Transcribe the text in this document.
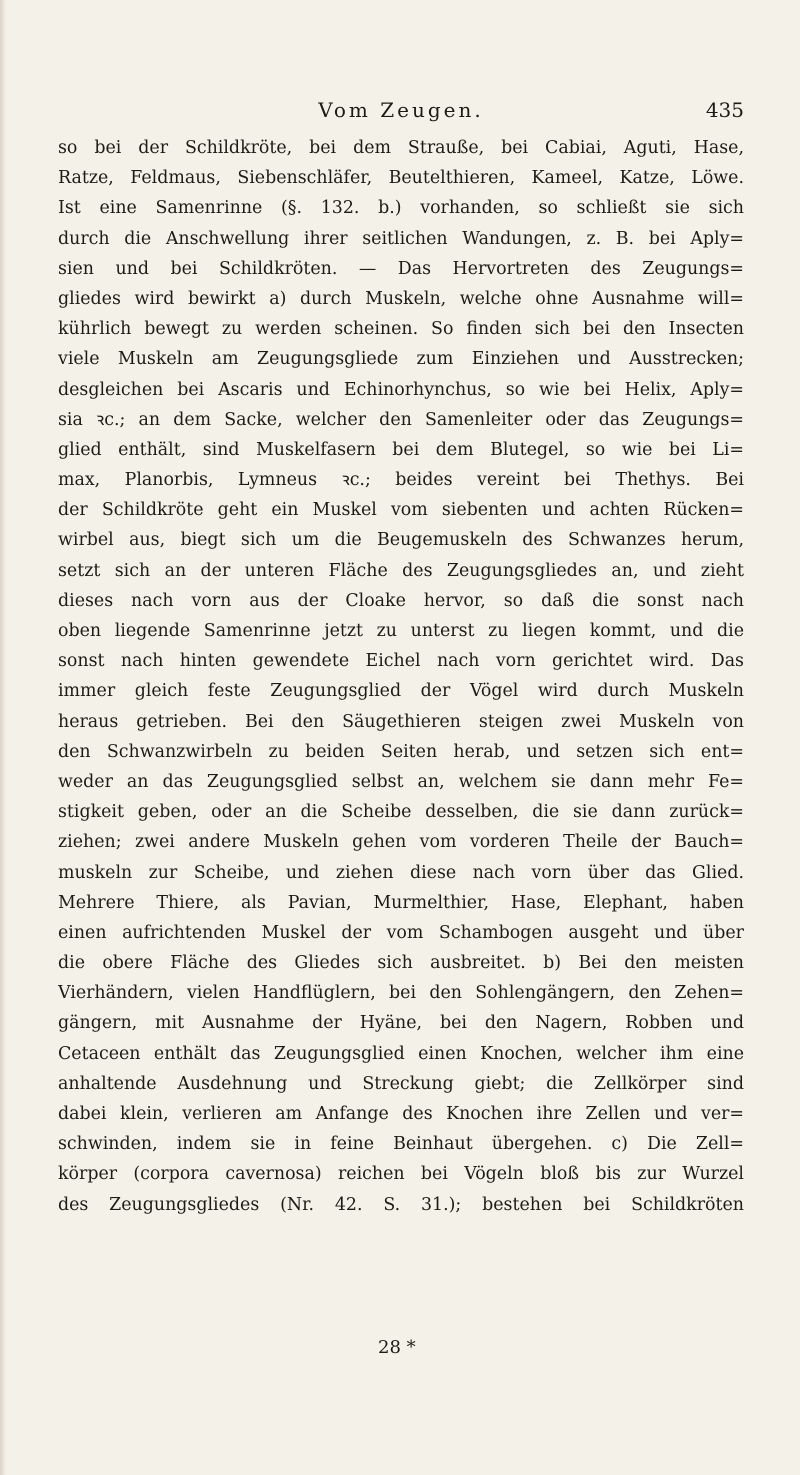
Vom Zeugen.	435
so bei der Schildkröte, bei dem Strauße, bei Cabiai, Aguti, Hase,
Ratze, Feldmaus, Siebenschläfer, Beutelthieren, Kameel, Katze, Löwe.
Ist eine Samenrinne (§. 132. b.) vorhanden, so schließt sie sich
durch die Anschwellung ihrer seitlichen Wandungen, z. B. bei Aply=
sien und bei Schildkröten. — Das Hervortreten des Zeugungs=
gliedes wird bewirkt a) durch Muskeln, welche ohne Ausnahme will=
kührlich bewegt zu werden scheinen. So finden sich bei den Insecten
viele Muskeln am Zeugungsgliede zum Einziehen und Ausstrecken;
desgleichen bei Ascaris und Echinorhynchus, so wie bei Helix, Aply=
sia ꝛc.; an dem Sacke, welcher den Samenleiter oder das Zeugungs=
glied enthält, sind Muskelfasern bei dem Blutegel, so wie bei Li=
max, Planorbis, Lymneus ꝛc.; beides vereint bei Thethys. Bei
der Schildkröte geht ein Muskel vom siebenten und achten Rücken=
wirbel aus, biegt sich um die Beugemuskeln des Schwanzes herum,
setzt sich an der unteren Fläche des Zeugungsgliedes an, und zieht
dieses nach vorn aus der Cloake hervor, so daß die sonst nach
oben liegende Samenrinne jetzt zu unterst zu liegen kommt, und die
sonst nach hinten gewendete Eichel nach vorn gerichtet wird. Das
immer gleich feste Zeugungsglied der Vögel wird durch Muskeln
heraus getrieben. Bei den Säugethieren steigen zwei Muskeln von
den Schwanzwirbeln zu beiden Seiten herab, und setzen sich ent=
weder an das Zeugungsglied selbst an, welchem sie dann mehr Fe=
stigkeit geben, oder an die Scheibe desselben, die sie dann zurück=
ziehen; zwei andere Muskeln gehen vom vorderen Theile der Bauch=
muskeln zur Scheibe, und ziehen diese nach vorn über das Glied.
Mehrere Thiere, als Pavian, Murmelthier, Hase, Elephant, haben
einen aufrichtenden Muskel der vom Schambogen ausgeht und über
die obere Fläche des Gliedes sich ausbreitet. b) Bei den meisten
Vierhändern, vielen Handflüglern, bei den Sohlengängern, den Zehen=
gängern, mit Ausnahme der Hyäne, bei den Nagern, Robben und
Cetaceen enthält das Zeugungsglied einen Knochen, welcher ihm eine
anhaltende Ausdehnung und Streckung giebt; die Zellkörper sind
dabei klein, verlieren am Anfange des Knochen ihre Zellen und ver=
schwinden, indem sie in feine Beinhaut übergehen. c) Die Zell=
körper (corpora cavernosa) reichen bei Vögeln bloß bis zur Wurzel
des Zeugungsgliedes (Nr. 42. S. 31.); bestehen bei Schildkröten
28 *
